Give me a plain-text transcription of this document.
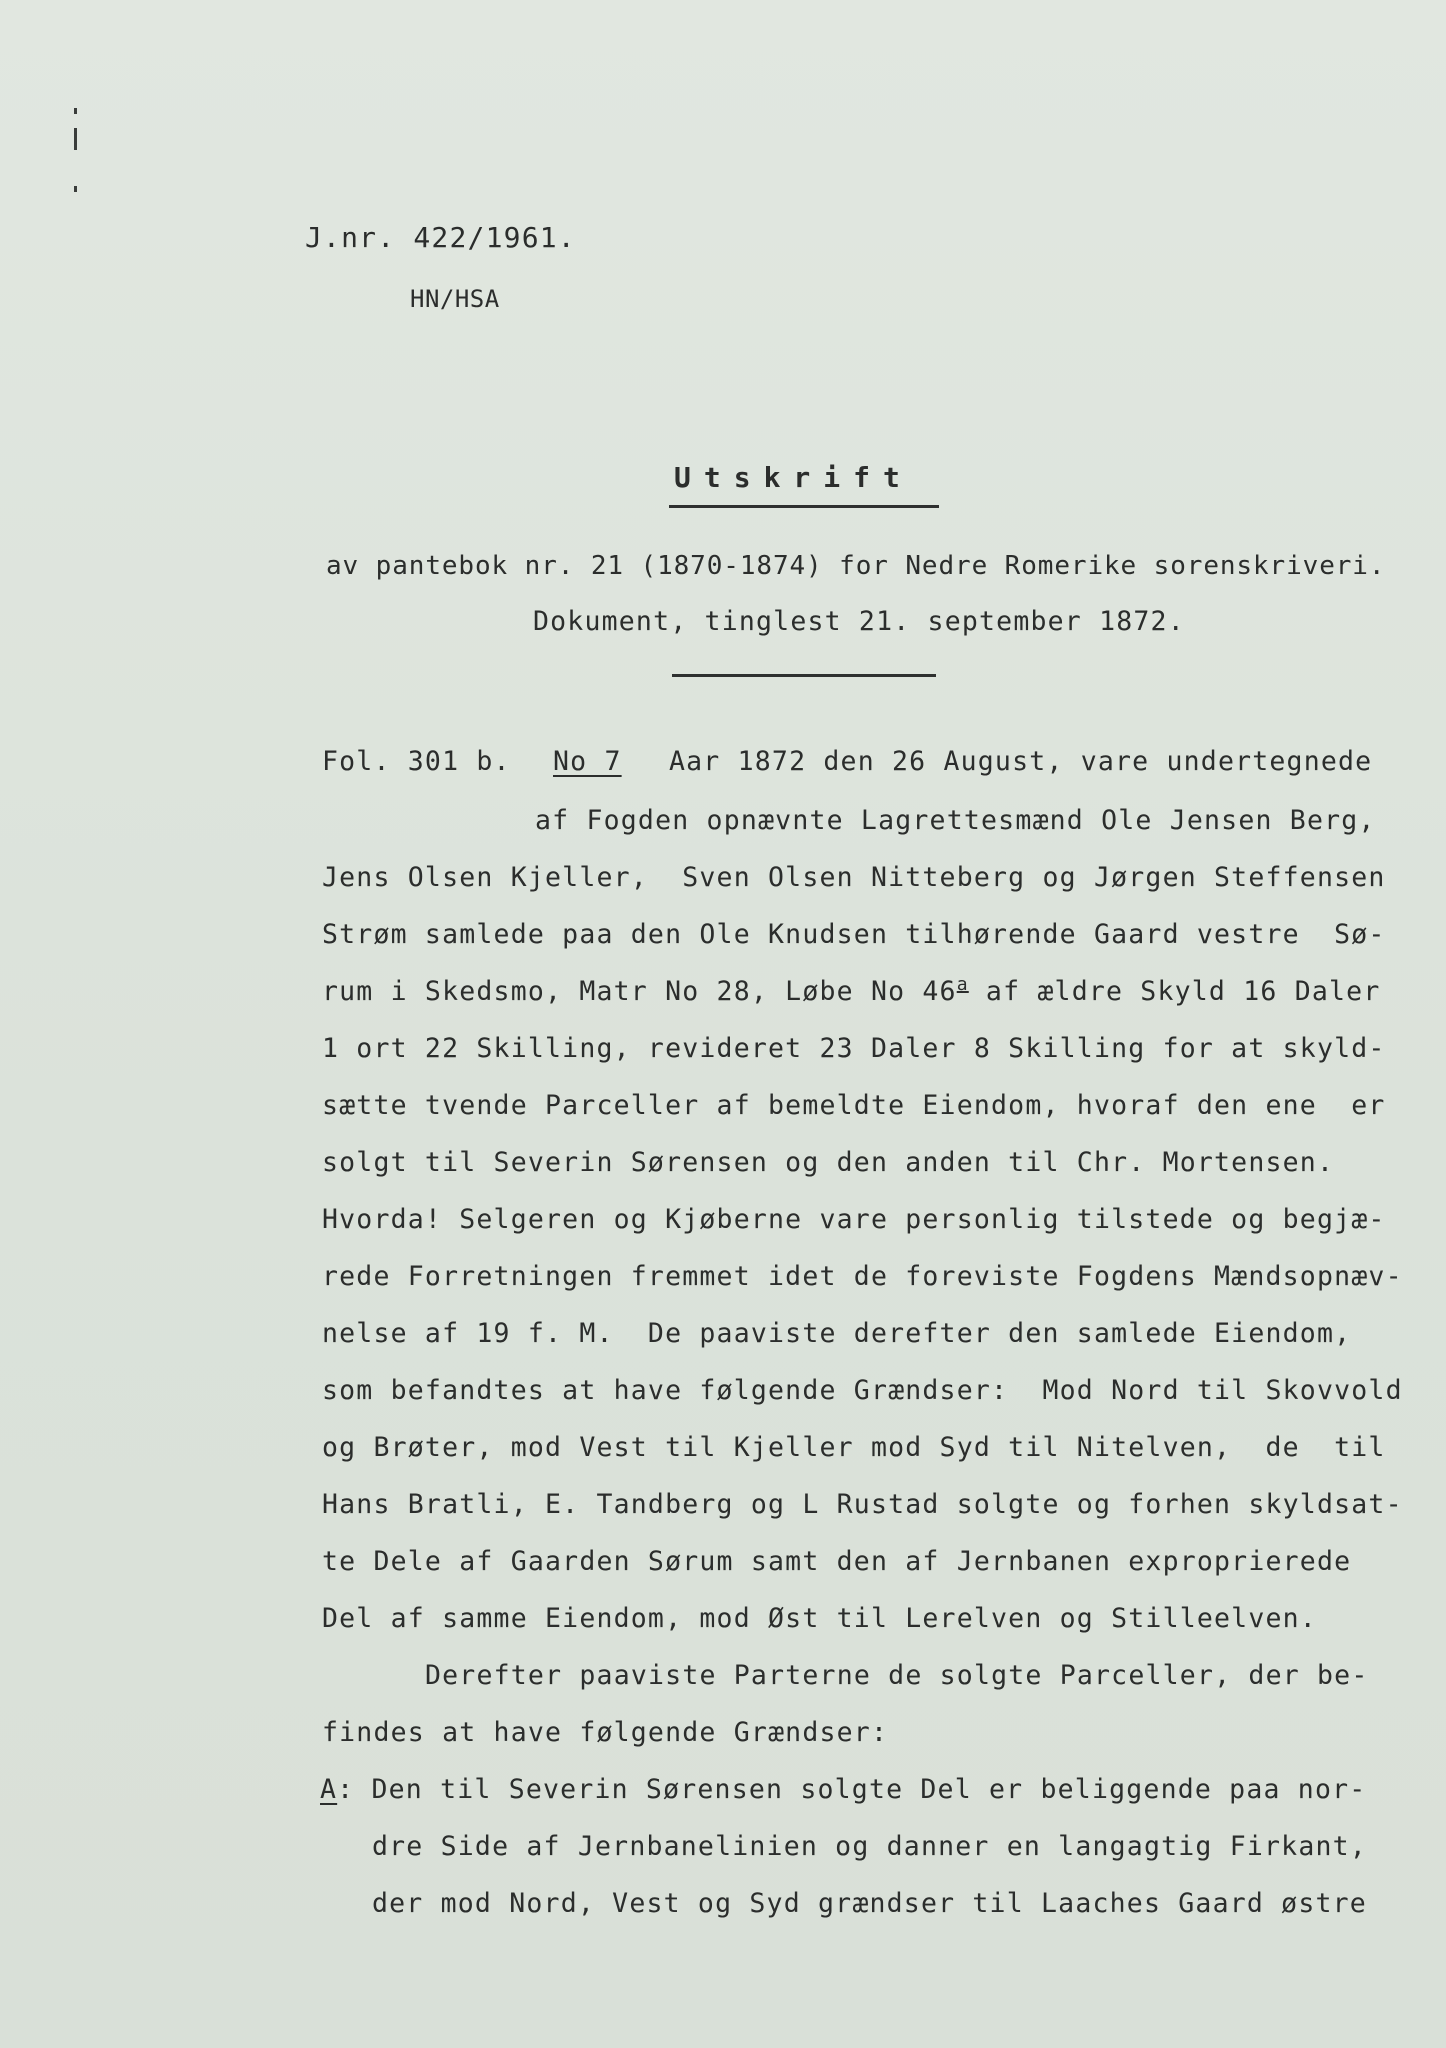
J.nr. 422/1961.
HN/HSA
Utskrift
av pantebok nr. 21 (1870-1874) for Nedre Romerike sorenskriveri.
Dokument, tinglest 21. september 1872.
Fol. 301 b. No 7 Aar 1872 den 26 August, vare undertegnede
af Fogden opnævnte Lagrettesmænd Ole Jensen Berg,
Jens Olsen Kjeller,  Sven Olsen Nitteberg og Jørgen Steffensen
Strøm samlede paa den Ole Knudsen tilhørende Gaard vestre  Sø-
rum i Skedsmo, Matr No 28, Løbe No 46$^a$ af ældre Skyld 16 Daler
1 ort 22 Skilling, revideret 23 Daler 8 Skilling for at skyld-
sætte tvende Parceller af bemeldte Eiendom, hvoraf den ene  er
solgt til Severin Sørensen og den anden til Chr. Mortensen.
Hvorda! Selgeren og Kjøberne vare personlig tilstede og begjæ-
rede Forretningen fremmet idet de foreviste Fogdens Mændsopnæv-
nelse af 19 f. M.  De paaviste derefter den samlede Eiendom,
som befandtes at have følgende Grændser:  Mod Nord til Skovvold
og Brøter, mod Vest til Kjeller mod Syd til Nitelven,  de  til
Hans Bratli, E. Tandberg og L Rustad solgte og forhen skyldsat-
te Dele af Gaarden Sørum samt den af Jernbanen exproprierede
Del af samme Eiendom, mod Øst til Lerelven og Stilleelven.
Derefter paaviste Parterne de solgte Parceller, der be-
findes at have følgende Grændser:
A: Den til Severin Sørensen solgte Del er beliggende paa nor-
dre Side af Jernbanelinien og danner en langagtig Firkant,
der mod Nord, Vest og Syd grændser til Laaches Gaard østre
